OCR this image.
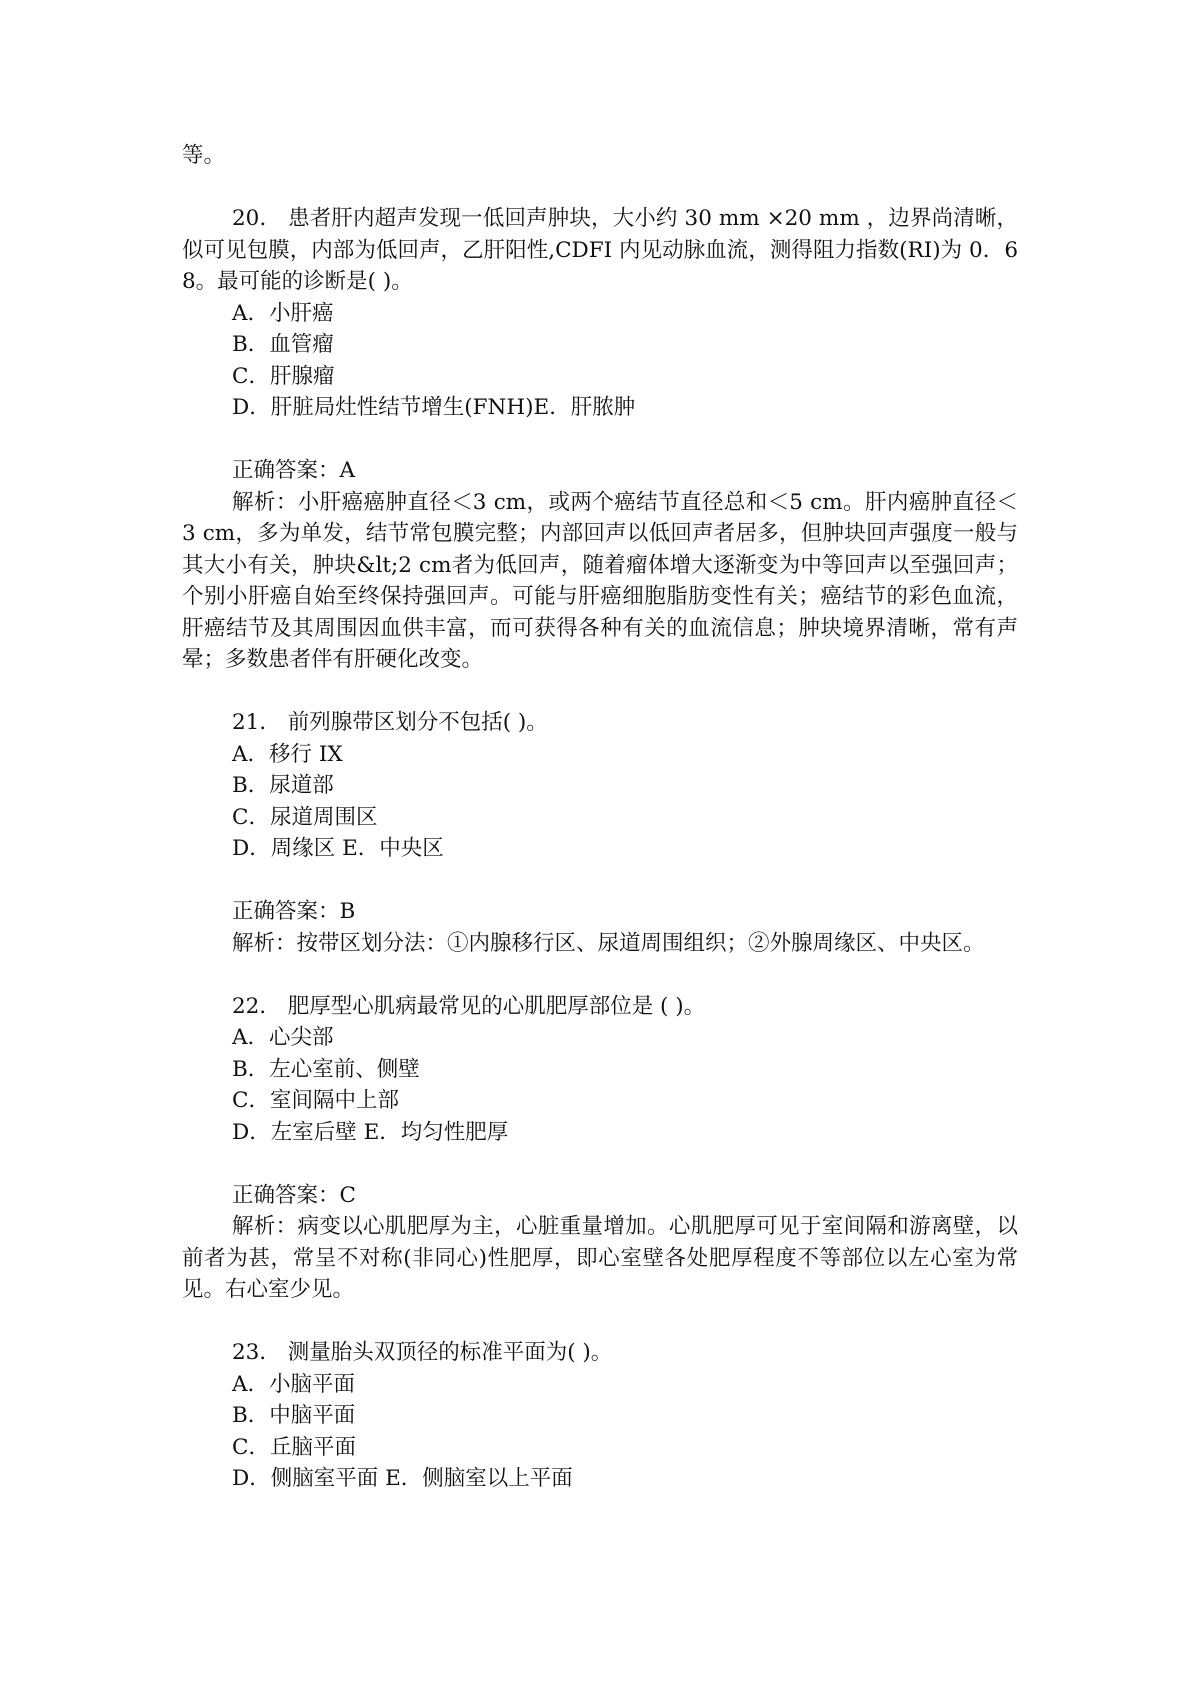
等。
20． 患者肝内超声发现一低回声肿块，大小约 30 mm ×20 mm ，边界尚清晰，似可见包膜，内部为低回声，乙肝阳性,CDFI 内见动脉血流，测得阻力指数(RI)为 0．68。最可能的诊断是( )。
A．小肝癌
B．血管瘤
C．肝腺瘤
D．肝脏局灶性结节增生(FNH)E．肝脓肿
正确答案：A
解析：小肝癌癌肿直径＜3 cm，或两个癌结节直径总和＜5 cm。肝内癌肿直径＜3 cm，多为单发，结节常包膜完整；内部回声以低回声者居多，但肿块回声强度一般与其大小有关，肿块&lt;2 cm者为低回声，随着瘤体增大逐渐变为中等回声以至强回声；个别小肝癌自始至终保持强回声。可能与肝癌细胞脂肪变性有关；癌结节的彩色血流，肝癌结节及其周围因血供丰富，而可获得各种有关的血流信息；肿块境界清晰，常有声晕；多数患者伴有肝硬化改变。
21． 前列腺带区划分不包括( )。
A．移行 IX
B．尿道部
C．尿道周围区
D．周缘区 E．中央区
正确答案：B
解析：按带区划分法：①内腺移行区、尿道周围组织；②外腺周缘区、中央区。
22． 肥厚型心肌病最常见的心肌肥厚部位是 ( )。
A．心尖部
B．左心室前、侧壁
C．室间隔中上部
D．左室后壁 E．均匀性肥厚
正确答案：C
解析：病变以心肌肥厚为主，心脏重量增加。心肌肥厚可见于室间隔和游离壁，以前者为甚，常呈不对称(非同心)性肥厚，即心室壁各处肥厚程度不等部位以左心室为常见。右心室少见。
23． 测量胎头双顶径的标准平面为( )。
A．小脑平面
B．中脑平面
C．丘脑平面
D．侧脑室平面 E．侧脑室以上平面
